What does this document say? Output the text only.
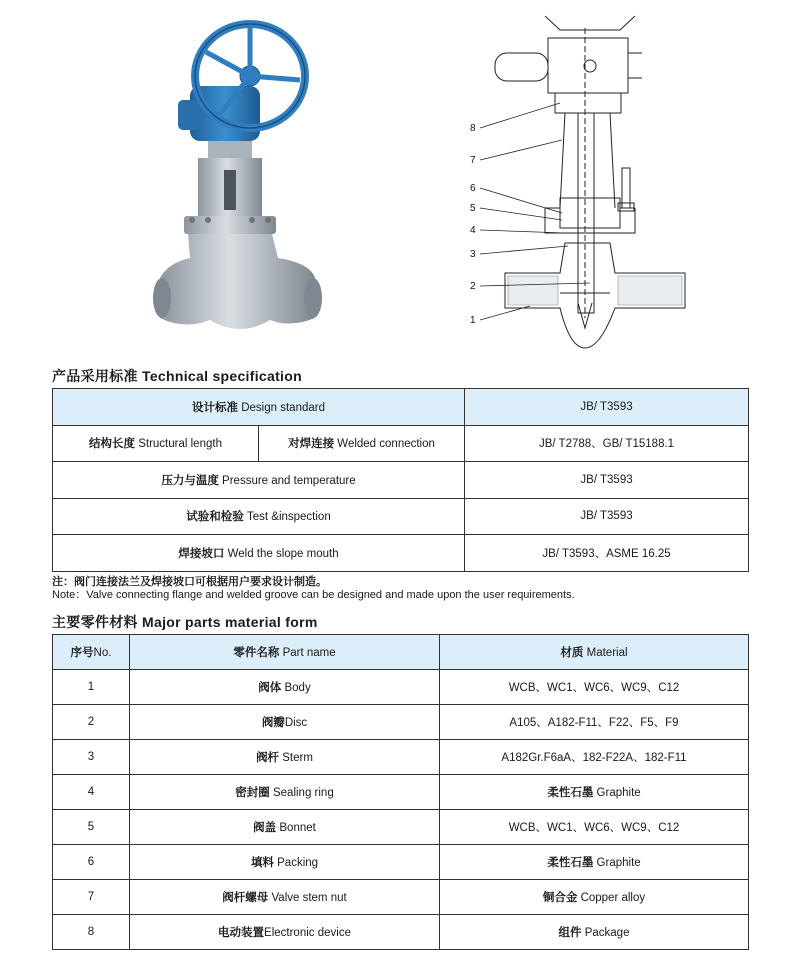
8
7
6
5
4
3
2
1
产品采用标准 Technical specification
设计标准 Design standard		JB/ T3593
结构长度 Structural length	对焊连接 Welded connection	JB/ T2788、GB/ T15188.1
压力与温度 Pressure and temperature		JB/ T3593
试验和检验 Test &inspection		JB/ T3593
焊接坡口 Weld the slope mouth		JB/ T3593、ASME 16.25
注：阀门连接法兰及焊接坡口可根据用户要求设计制造。
Note：Valve connecting flange and welded groove can be designed and made upon the user requirements.
主要零件材料 Major parts material form
序号No.	零件名称 Part name	材质 Material
1	阀体 Body	WCB、WC1、WC6、WC9、C12
2	阀瓣Disc	A105、A182-F11、F22、F5、F9
3	阀杆 Sterm	A182Gr.F6aA、182-F22A、182-F11
4	密封圈 Sealing ring	柔性石墨 Graphite
5	阀盖 Bonnet	WCB、WC1、WC6、WC9、C12
6	填料 Packing	柔性石墨 Graphite
7	阀杆螺母 Valve stem nut	铜合金 Copper alloy
8	电动装置Electronic device	组件 Package
